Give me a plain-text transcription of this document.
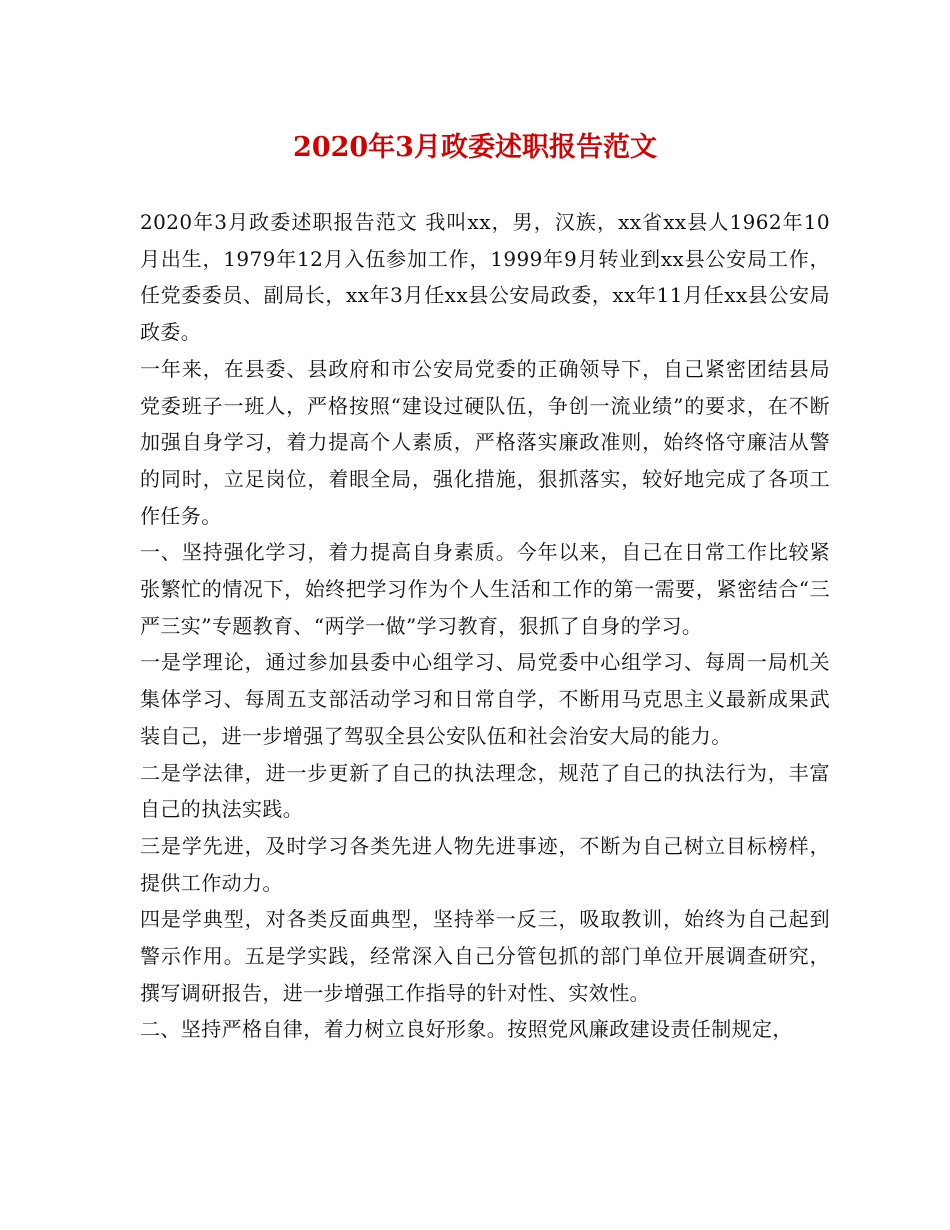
2020年3月政委述职报告范文

2020年3月政委述职报告范文 我叫xx，男，汉族，xx省xx县人1962年10月出生，1979年12月入伍参加工作，1999年9月转业到xx县公安局工作，任党委委员、副局长，xx年3月任xx县公安局政委，xx年11月任xx县公安局政委。

一年来，在县委、县政府和市公安局党委的正确领导下，自己紧密团结县局党委班子一班人，严格按照“建设过硬队伍，争创一流业绩”的要求，在不断加强自身学习，着力提高个人素质，严格落实廉政准则，始终恪守廉洁从警的同时，立足岗位，着眼全局，强化措施，狠抓落实，较好地完成了各项工作任务。

一、坚持强化学习，着力提高自身素质。今年以来，自己在日常工作比较紧张繁忙的情况下，始终把学习作为个人生活和工作的第一需要，紧密结合“三严三实”专题教育、“两学一做”学习教育，狠抓了自身的学习。

一是学理论，通过参加县委中心组学习、局党委中心组学习、每周一局机关集体学习、每周五支部活动学习和日常自学，不断用马克思主义最新成果武装自己，进一步增强了驾驭全县公安队伍和社会治安大局的能力。

二是学法律，进一步更新了自己的执法理念，规范了自己的执法行为，丰富自己的执法实践。

三是学先进，及时学习各类先进人物先进事迹，不断为自己树立目标榜样，提供工作动力。

四是学典型，对各类反面典型，坚持举一反三，吸取教训，始终为自己起到警示作用。五是学实践，经常深入自己分管包抓的部门单位开展调查研究，撰写调研报告，进一步增强工作指导的针对性、实效性。

二、坚持严格自律，着力树立良好形象。按照党风廉政建设责任制规定，
